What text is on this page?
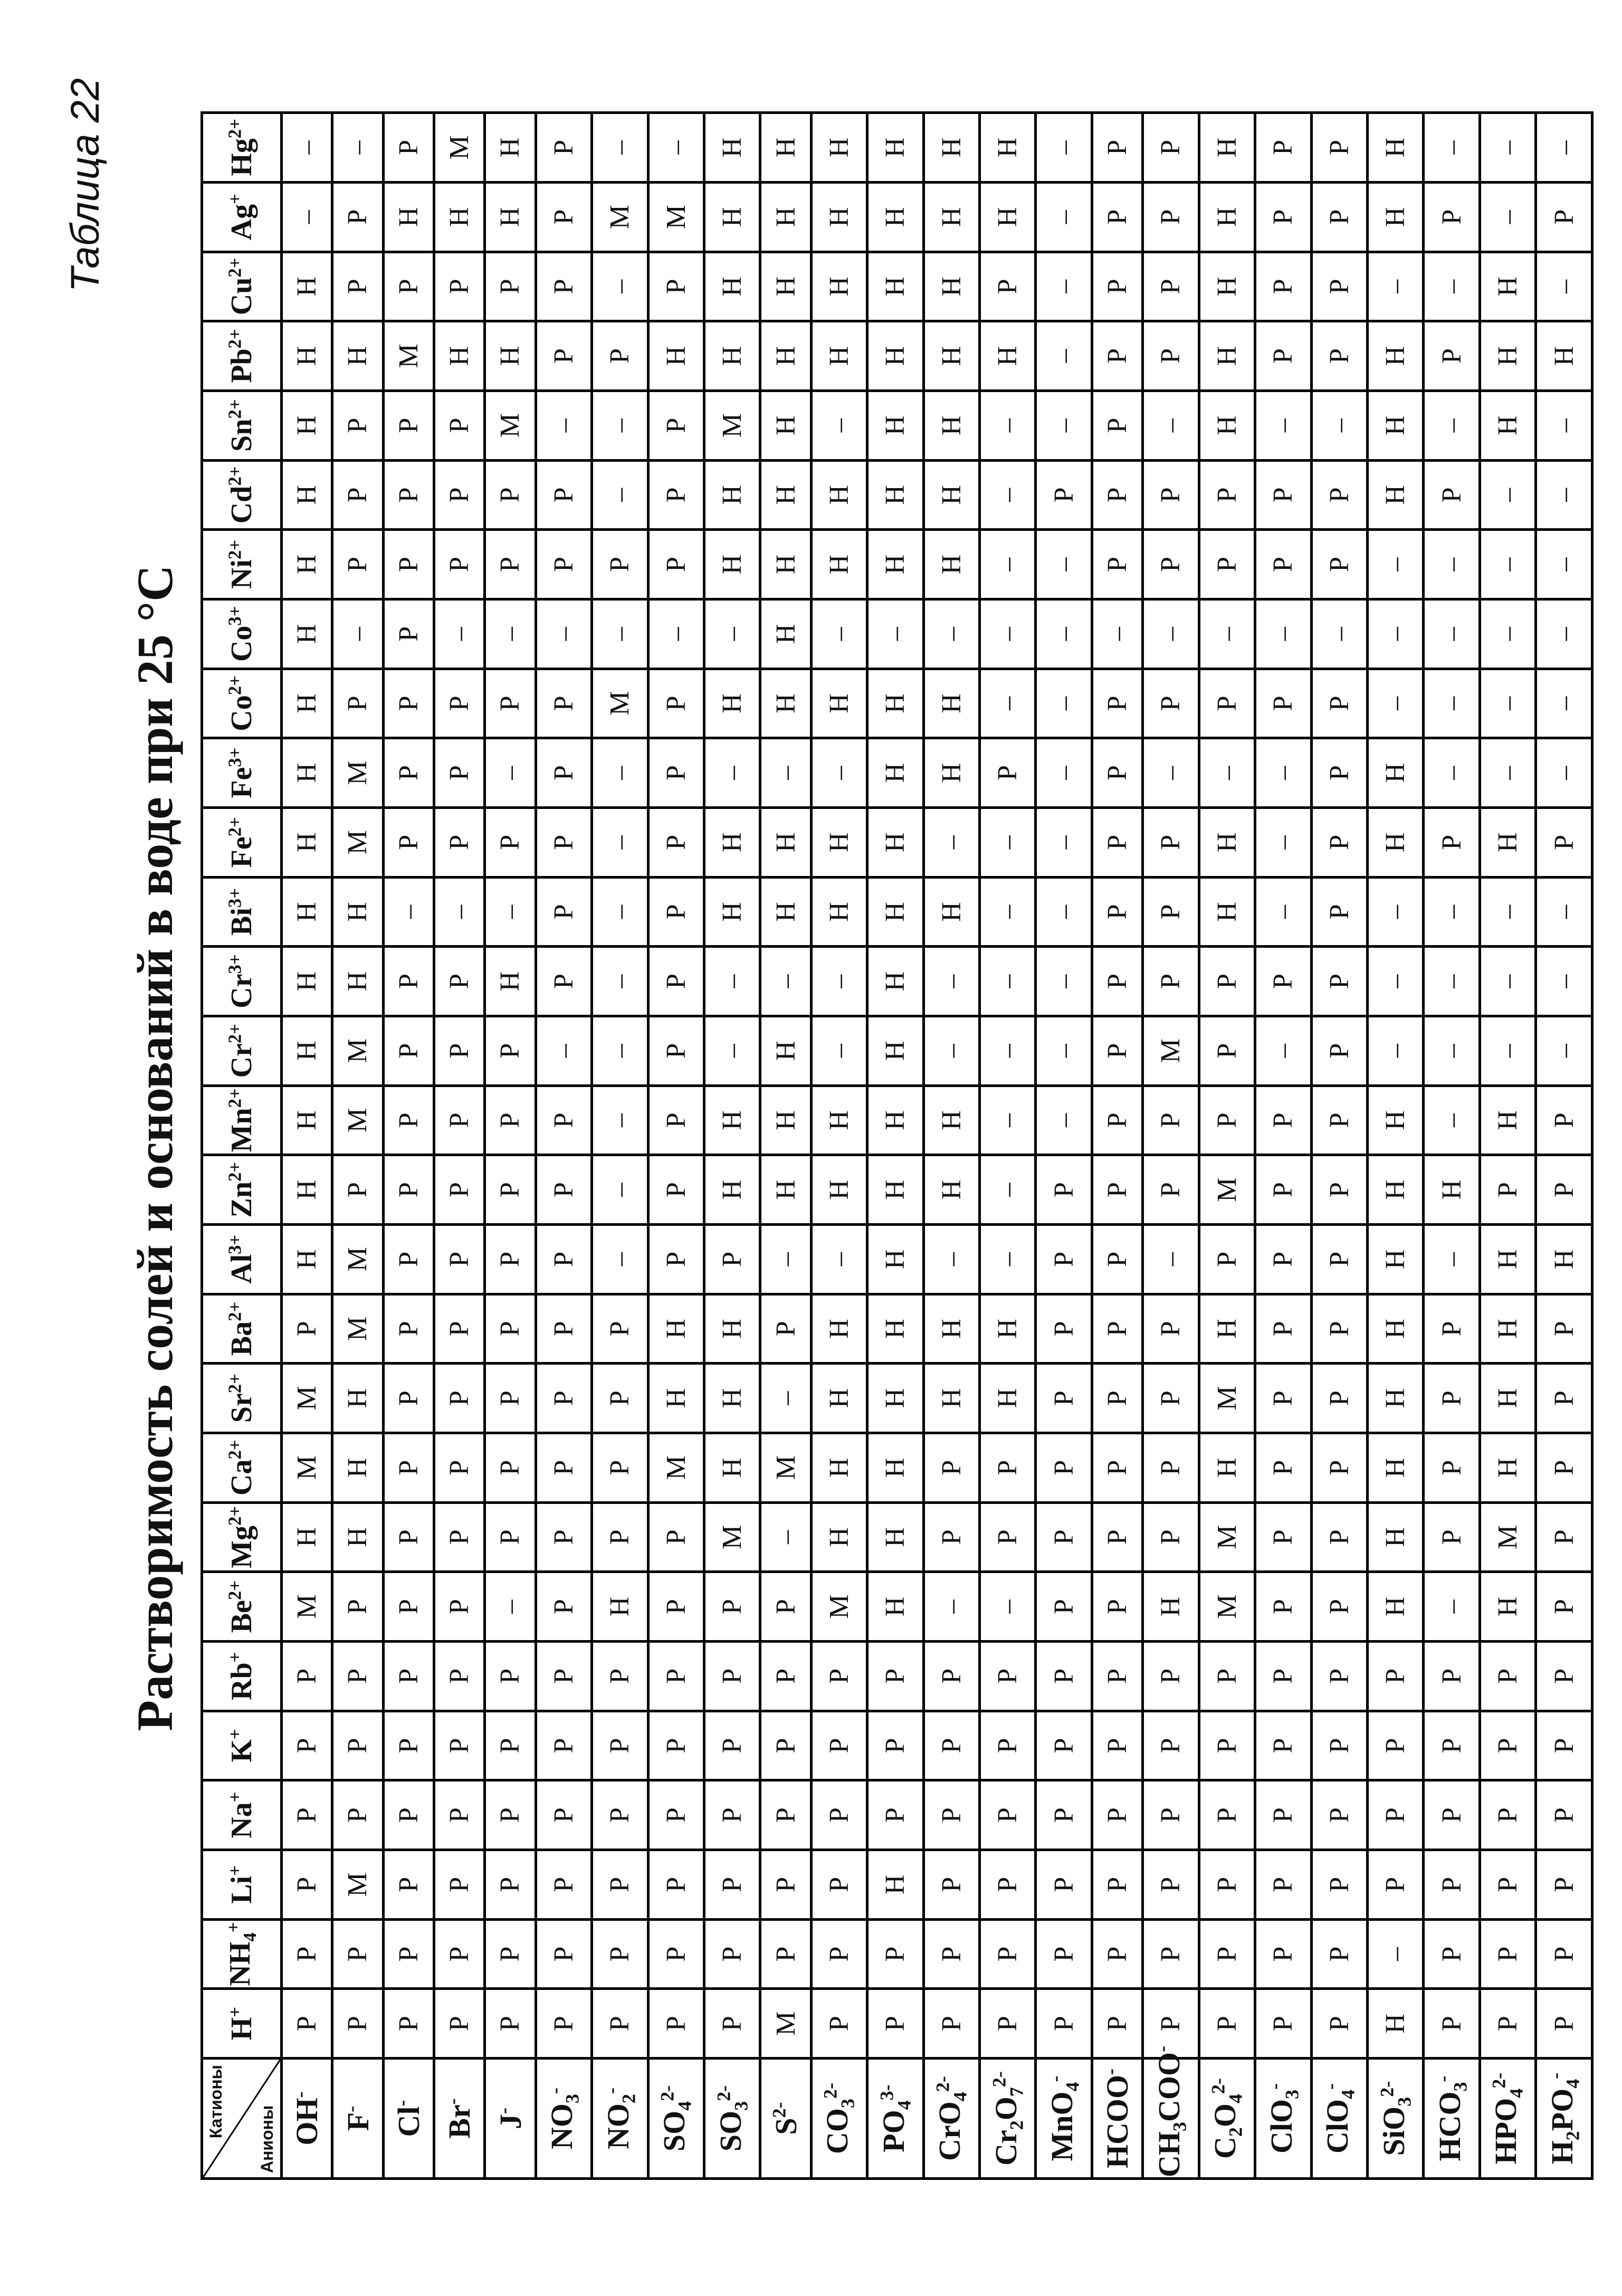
Таблица 22
Растворимость солей и оснований в воде при 25 °С
Катионы
Анионы	H+	$NH_4^+$	Li+	Na+	K+	Rb+	$Be^{2+}$	$Mg^{2+}$	$Ca^{2+}$	$Sr^{2+}$	$Ba^{2+}$	$Al^{3+}$	$Zn^{2+}$	$Mn^{2+}$	$Cr^{2+}$	$Cr^{3+}$	$Bi^{3+}$	$Fe^{2+}$	$Fe^{3+}$	$Co^{2+}$	$Co^{3+}$	$Ni^{2+}$	$Cd^{2+}$	$Sn^{2+}$	$Pb^{2+}$	$Cu^{2+}$	Ag+	$Hg^{2+}$
OH-	Р	Р	Р	Р	Р	Р	М	Н	М	М	Р	Н	Н	Н	Н	Н	Н	Н	Н	Н	Н	Н	Н	Н	Н	Н	–	–
F-	Р	Р	М	Р	Р	Р	Р	Н	Н	Н	М	М	Р	М	М	Н	Н	М	М	Р	–	Р	Р	Р	Н	Р	Р	–
Cl-	Р	Р	Р	Р	Р	Р	Р	Р	Р	Р	Р	Р	Р	Р	Р	Р	–	Р	Р	Р	Р	Р	Р	Р	М	Р	Н	Р
Br-	Р	Р	Р	Р	Р	Р	Р	Р	Р	Р	Р	Р	Р	Р	Р	Р	–	Р	Р	Р	–	Р	Р	Р	Н	Р	Н	М
J-	Р	Р	Р	Р	Р	Р	–	Р	Р	Р	Р	Р	Р	Р	Р	Н	–	Р	–	Р	–	Р	Р	М	Н	Р	Н	Н
$NO_3^-$	Р	Р	Р	Р	Р	Р	Р	Р	Р	Р	Р	Р	Р	Р	–	Р	Р	Р	Р	Р	–	Р	Р	–	Р	Р	Р	Р
$NO_2^-$	Р	Р	Р	Р	Р	Р	Н	Р	Р	Р	Р	–	–	–	–	–	–	–	–	М	–	Р	–	–	Р	–	М	–
$SO_4^{2-}$	Р	Р	Р	Р	Р	Р	Р	Р	М	Н	Н	Р	Р	Р	Р	Р	Р	Р	Р	Р	–	Р	Р	Р	Н	Р	М	–
$SO_3^{2-}$	Р	Р	Р	Р	Р	Р	Р	М	Н	Н	Н	Р	Н	Н	–	–	Н	Н	–	Н	–	Н	Н	М	Н	Н	Н	Н
$S^{2-}$	М	Р	Р	Р	Р	Р	Р	–	М	–	Р	–	Н	Н	Н	–	Н	Н	–	Н	Н	Н	Н	Н	Н	Н	Н	Н
$CO_3^{2-}$	Р	Р	Р	Р	Р	Р	М	Н	Н	Н	Н	–	Н	Н	–	–	Н	Н	–	Н	–	Н	Н	–	Н	Н	Н	Н
$PO_4^{3-}$	Р	Р	Н	Р	Р	Р	Н	Н	Н	Н	Н	Н	Н	Н	Н	Н	Н	Н	Н	Н	–	Н	Н	Н	Н	Н	Н	Н
CrO$_4^{2-}$	Р	Р	Р	Р	Р	Р	–	Р	Р	Н	Н	–	Н	Н	–	–	Н	–	Н	Н	–	Н	Н	Н	Н	Н	Н	Н
$Cr_2O_7^{2-}$	Р	Р	Р	Р	Р	Р	–	Р	Р	Н	Н	–	–	–	–	–	–	–	Р	–	–	–	–	–	Н	Р	Н	Н
MnO$_4$-	Р	Р	Р	Р	Р	Р	Р	Р	Р	Р	Р	Р	Р	–	–	–	–	–	–	–	–	–	Р	–	–	–	–	–
HCOO-	Р	Р	Р	Р	Р	Р	Р	Р	Р	Р	Р	Р	Р	Р	Р	Р	Р	Р	Р	Р	–	Р	Р	Р	Р	Р	Р	Р
$CH_3COO^-$	Р	Р	Р	Р	Р	Р	Н	Р	Р	Р	Р	–	Р	Р	М	Р	Р	Р	–	Р	–	Р	Р	–	Р	Р	Р	Р
$C_2O_4^{2-}$	Р	Р	Р	Р	Р	Р	М	М	Н	М	Н	Р	М	Р	Р	Р	Н	Н	–	Р	–	Р	Р	Н	Н	Н	Н	Н
ClO$_3$-	Р	Р	Р	Р	Р	Р	Р	Р	Р	Р	Р	Р	Р	Р	–	Р	–	–	–	Р	–	Р	Р	–	Р	Р	Р	Р
ClO$_4$-	Р	Р	Р	Р	Р	Р	Р	Р	Р	Р	Р	Р	Р	Р	Р	Р	Р	Р	Р	Р	–	Р	Р	–	Р	Р	Р	Р
SiO$_3^{2-}$	Н	–	Р	Р	Р	Р	Н	Н	Н	Н	Н	Н	Н	Н	–	–	–	Н	Н	–	–	–	Н	Н	Н	–	Н	Н
$HCO_3^-$	Р	Р	Р	Р	Р	Р	–	Р	Р	Р	Р	–	Н	–	–	–	–	Р	–	–	–	–	Р	–	Р	–	Р	–
$HPO_4^{2-}$	Р	Р	Р	Р	Р	Р	Н	М	Н	Н	Н	Н	Р	Н	–	–	–	Н	–	–	–	–	–	Н	Н	Н	–	–
$H_2PO_4^-$	Р	Р	Р	Р	Р	Р	Р	Р	Р	Р	Р	Н	Р	Р	–	–	–	Р	–	–	–	–	–	–	Н	–	Р	–
